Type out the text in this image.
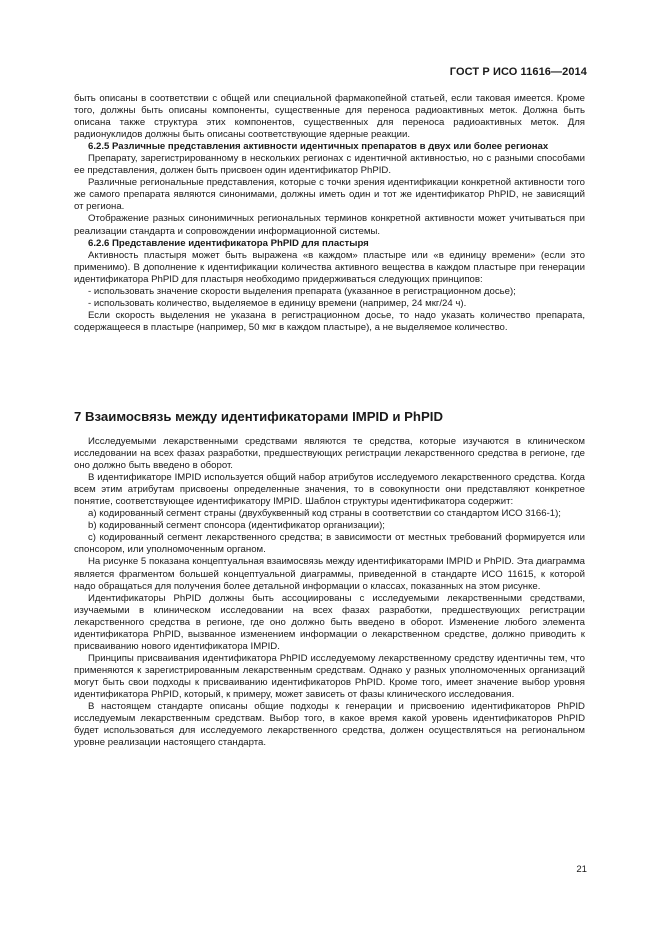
ГОСТ Р ИСО 11616—2014

быть описаны в соответствии с общей или специальной фармакопейной статьей, если таковая имеется. Кроме того, должны быть описаны компоненты, существенные для переноса радиоактивных меток. Должна быть описана также структура этих компонентов, существенных для переноса радиоактивных меток. Для радионуклидов должны быть описаны соответствующие ядерные реакции.

6.2.5 Различные представления активности идентичных препаратов в двух или более регионах

Препарату, зарегистрированному в нескольких регионах с идентичной активностью, но с разными способами ее представления, должен быть присвоен один идентификатор PhPID.

Различные региональные представления, которые с точки зрения идентификации конкретной активности того же самого препарата являются синонимами, должны иметь один и тот же идентификатор PhPID, не зависящий от региона.

Отображение разных синонимичных региональных терминов конкретной активности может учитываться при реализации стандарта и сопровождении информационной системы.

6.2.6 Представление идентификатора PhPID для пластыря

Активность пластыря может быть выражена «в каждом» пластыре или «в единицу времени» (если это применимо). В дополнение к идентификации количества активного вещества в каждом пластыре при генерации идентификатора PhPID для пластыря необходимо придерживаться следующих принципов:

- использовать значение скорости выделения препарата (указанное в регистрационном досье);

- использовать количество, выделяемое в единицу времени (например, 24 мкг/24 ч).

Если скорость выделения не указана в регистрационном досье, то надо указать количество препарата, содержащееся в пластыре (например, 50 мкг в каждом пластыре), а не выделяемое количество.

7 Взаимосвязь между идентификаторами IMPID и PhPID

Исследуемыми лекарственными средствами являются те средства, которые изучаются в клиническом исследовании на всех фазах разработки, предшествующих регистрации лекарственного средства в регионе, где оно должно быть введено в оборот.

В идентификаторе IMPID используется общий набор атрибутов исследуемого лекарственного средства. Когда всем этим атрибутам присвоены определенные значения, то в совокупности они представляют конкретное понятие, соответствующее идентификатору IMPID. Шаблон структуры идентификатора содержит:

а) кодированный сегмент страны (двухбуквенный код страны в соответствии со стандартом ИСО 3166-1);

b) кодированный сегмент спонсора (идентификатор организации);

c) кодированный сегмент лекарственного средства; в зависимости от местных требований формируется или спонсором, или уполномоченным органом.

На рисунке 5 показана концептуальная взаимосвязь между идентификаторами IMPID и PhPID. Эта диаграмма является фрагментом большей концептуальной диаграммы, приведенной в стандарте ИСО 11615, к которой надо обращаться для получения более детальной информации о классах, показанных на этом рисунке.

Идентификаторы PhPID должны быть ассоциированы с исследуемыми лекарственными средствами, изучаемыми в клиническом исследовании на всех фазах разработки, предшествующих регистрации лекарственного средства в регионе, где оно должно быть введено в оборот. Изменение любого элемента идентификатора PhPID, вызванное изменением информации о лекарственном средстве, должно приводить к присваиванию нового идентификатора IMPID.

Принципы присваивания идентификатора PhPID исследуемому лекарственному средству идентичны тем, что применяются к зарегистрированным лекарственным средствам. Однако у разных уполномоченных организаций могут быть свои подходы к присваиванию идентификаторов PhPID. Кроме того, имеет значение выбор уровня идентификатора PhPID, который, к примеру, может зависеть от фазы клинического исследования.

В настоящем стандарте описаны общие подходы к генерации и присвоению идентификаторов PhPID исследуемым лекарственным средствам. Выбор того, в какое время какой уровень идентификаторов PhPID будет использоваться для исследуемого лекарственного средства, должен осуществляться на региональном уровне реализации настоящего стандарта.

21
